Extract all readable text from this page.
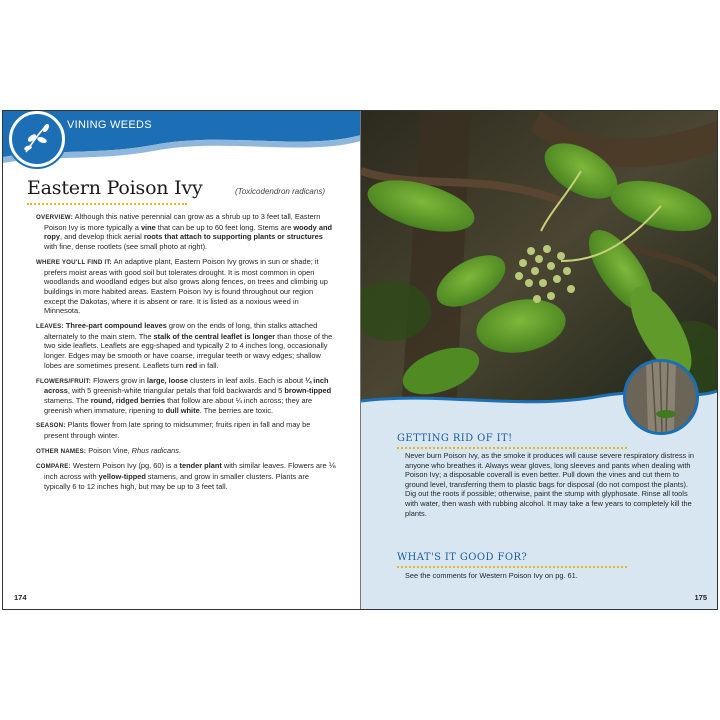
VINING WEEDS
Eastern Poison Ivy	(Toxicodendron radicans)

OVERVIEW: Although this native perennial can grow as a shrub up to 3 feet tall, Eastern Poison Ivy is more typically a vine that can be up to 60 feet long. Stems are woody and ropy, and develop thick aerial roots that attach to supporting plants or structures with fine, dense rootlets (see small photo at right).

WHERE YOU'LL FIND IT: An adaptive plant, Eastern Poison Ivy grows in sun or shade; it prefers moist areas with good soil but tolerates drought. It is most common in open woodlands and woodland edges but also grows along fences, on trees and climbing up buildings in more habited areas. Eastern Poison Ivy is found throughout our region except the Dakotas, where it is absent or rare. It is listed as a noxious weed in Minnesota.

LEAVES: Three-part compound leaves grow on the ends of long, thin stalks attached alternately to the main stem. The stalk of the central leaflet is longer than those of the two side leaflets. Leaflets are egg-shaped and typically 2 to 4 inches long, occasionally longer. Edges may be smooth or have coarse, irregular teeth or wavy edges; shallow lobes are sometimes present. Leaflets turn red in fall.

FLOWERS/FRUIT: Flowers grow in large, loose clusters in leaf axils. Each is about ¼ inch across, with 5 greenish-white triangular petals that fold backwards and 5 brown-tipped stamens. The round, ridged berries that follow are about ¼ inch across; they are greenish when immature, ripening to dull white. The berries are toxic.

SEASON: Plants flower from late spring to midsummer; fruits ripen in fall and may be present through winter.

OTHER NAMES: Poison Vine, Rhus radicans.

COMPARE: Western Poison Ivy (pg. 60) is a tender plant with similar leaves. Flowers are ⅙ inch across with yellow-tipped stamens, and grow in smaller clusters. Plants are typically 6 to 12 inches high, but may be up to 3 feet tall.

174
GETTING RID OF IT!
Never burn Poison Ivy, as the smoke it produces will cause severe respiratory distress in anyone who breathes it. Always wear gloves, long sleeves and pants when dealing with Poison Ivy; a disposable coverall is even better. Pull down the vines and cut them to ground level, transferring them to plastic bags for disposal (do not compost the plants). Dig out the roots if possible; otherwise, paint the stump with glyphosate. Rinse all tools with water, then wash with rubbing alcohol. It may take a few years to completely kill the plants.
WHAT'S IT GOOD FOR?
See the comments for Western Poison Ivy on pg. 61.
175
